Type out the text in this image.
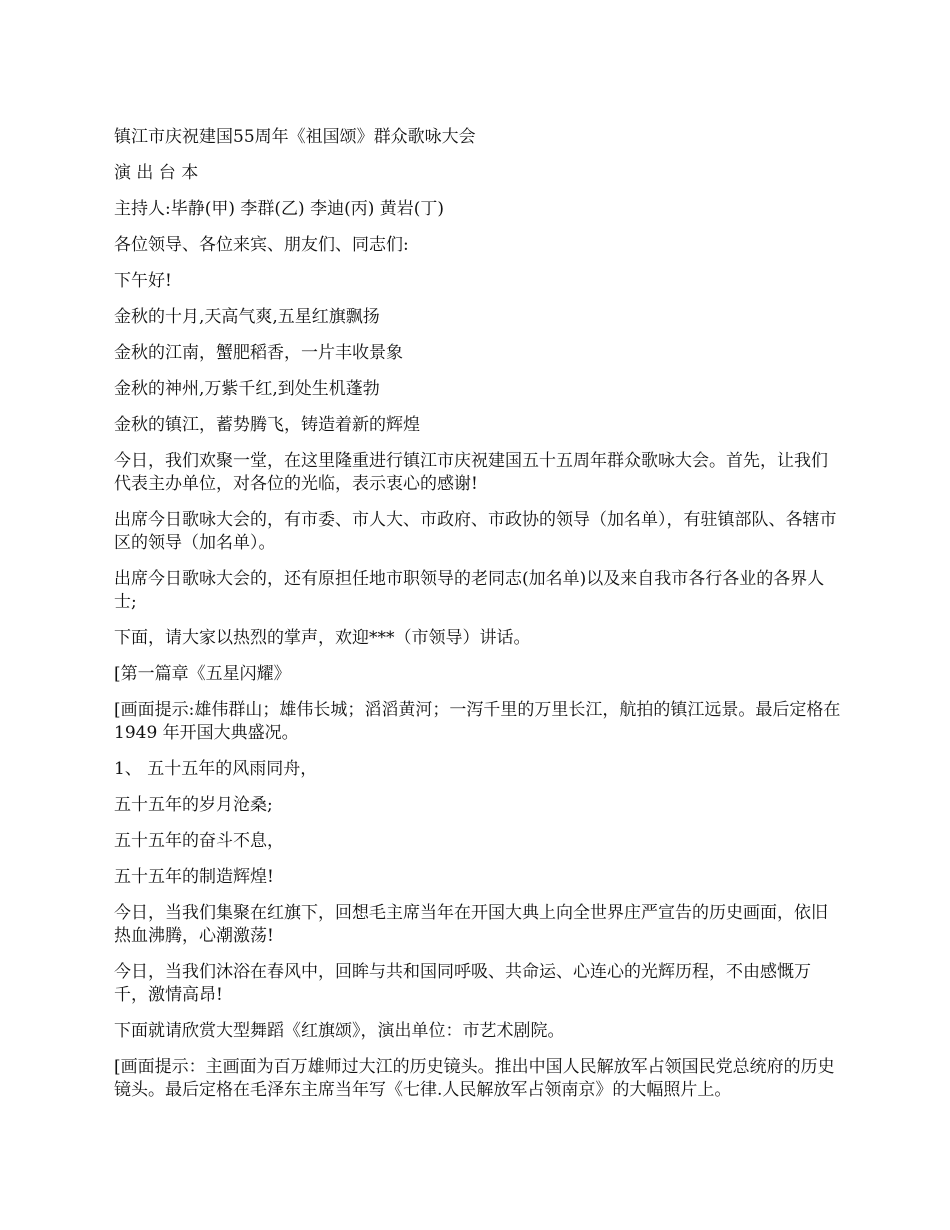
镇江市庆祝建国55周年《祖国颂》群众歌咏大会

演 出 台 本

主持人:毕静(甲) 李群(乙) 李迪(丙) 黄岩(丁)

各位领导、各位来宾、朋友们、同志们:

下午好!

金秋的十月,天高气爽,五星红旗飘扬

金秋的江南，蟹肥稻香，一片丰收景象

金秋的神州,万紫千红,到处生机蓬勃

金秋的镇江，蓄势腾飞，铸造着新的辉煌

今日，我们欢聚一堂，在这里隆重进行镇江市庆祝建国五十五周年群众歌咏大会。首先，让我们代表主办单位，对各位的光临，表示衷心的感谢!

出席今日歌咏大会的，有市委、市人大、市政府、市政协的领导（加名单），有驻镇部队、各辖市区的领导（加名单）。

出席今日歌咏大会的，还有原担任地市职领导的老同志(加名单)以及来自我市各行各业的各界人士;

下面，请大家以热烈的掌声，欢迎***（市领导）讲话。

[第一篇章《五星闪耀》

[画面提示:雄伟群山；雄伟长城；滔滔黄河；一泻千里的万里长江，航拍的镇江远景。最后定格在 1949 年开国大典盛况。

1、 五十五年的风雨同舟，

五十五年的岁月沧桑;

五十五年的奋斗不息，

五十五年的制造辉煌!

今日，当我们集聚在红旗下，回想毛主席当年在开国大典上向全世界庄严宣告的历史画面，依旧热血沸腾，心潮激荡!

今日，当我们沐浴在春风中，回眸与共和国同呼吸、共命运、心连心的光辉历程，不由感慨万千，激情高昂!

下面就请欣赏大型舞蹈《红旗颂》，演出单位：市艺术剧院。

[画面提示：主画面为百万雄师过大江的历史镜头。推出中国人民解放军占领国民党总统府的历史镜头。最后定格在毛泽东主席当年写《七律.人民解放军占领南京》的大幅照片上。
